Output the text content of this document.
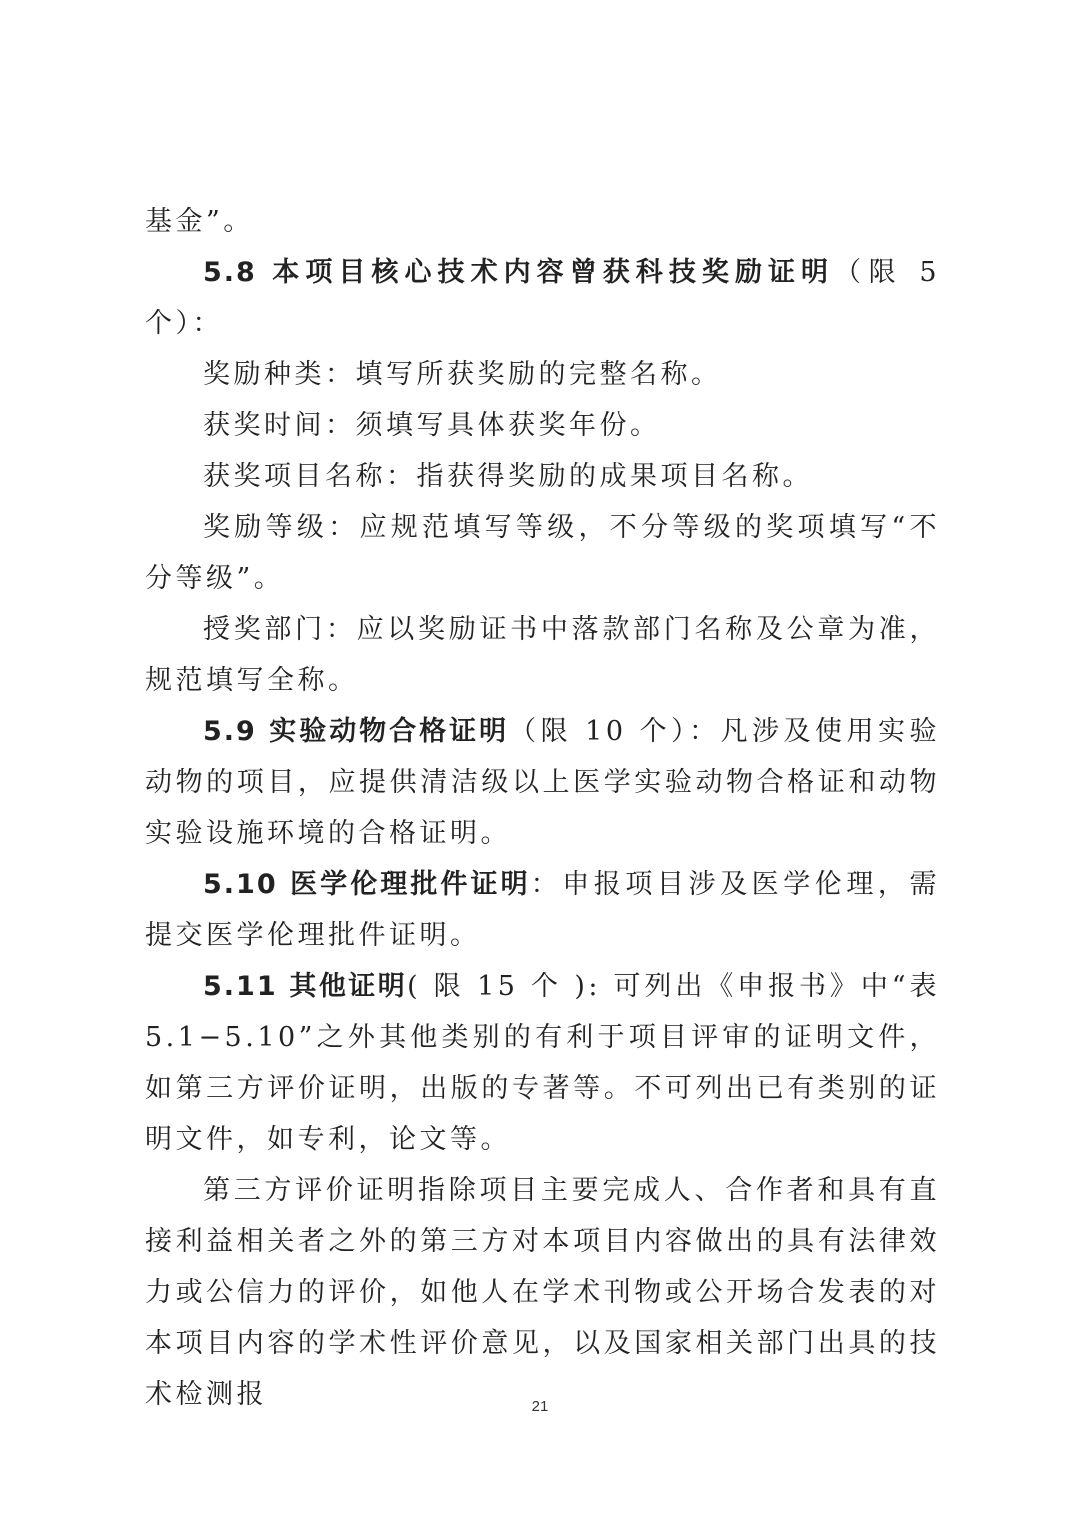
基金”。

5.8 本项目核心技术内容曾获科技奖励证明（限 5 个）：

奖励种类：填写所获奖励的完整名称。

获奖时间：须填写具体获奖年份。

获奖项目名称：指获得奖励的成果项目名称。

奖励等级：应规范填写等级，不分等级的奖项填写“不分等级”。

授奖部门：应以奖励证书中落款部门名称及公章为准，规范填写全称。

5.9 实验动物合格证明（限 10 个）：凡涉及使用实验动物的项目，应提供清洁级以上医学实验动物合格证和动物实验设施环境的合格证明。

5.10 医学伦理批件证明：申报项目涉及医学伦理，需提交医学伦理批件证明。

5.11 其他证明( 限 15 个 ): 可列出《申报书》中“表 5.1−5.10”之外其他类别的有利于项目评审的证明文件，如第三方评价证明，出版的专著等。不可列出已有类别的证明文件，如专利，论文等。

第三方评价证明指除项目主要完成人、合作者和具有直接利益相关者之外的第三方对本项目内容做出的具有法律效力或公信力的评价，如他人在学术刊物或公开场合发表的对本项目内容的学术性评价意见，以及国家相关部门出具的技术检测报	21
